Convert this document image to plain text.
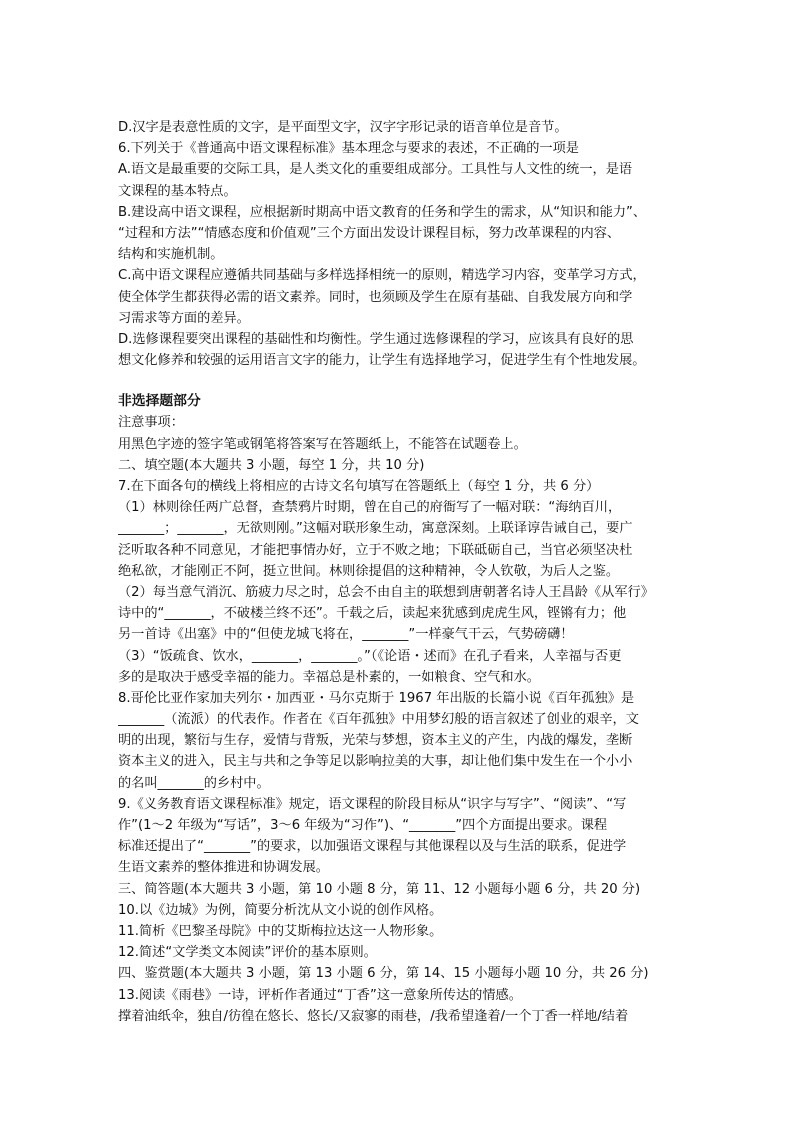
D.汉字是表意性质的文字，是平面型文字，汉字字形记录的语音单位是音节。
6.下列关于《普通高中语文课程标准》基本理念与要求的表述，不正确的一项是
A.语文是最重要的交际工具，是人类文化的重要组成部分。工具性与人文性的统一，是语
文课程的基本特点。
B.建设高中语文课程，应根据新时期高中语文教育的任务和学生的需求，从“知识和能力”、
“过程和方法”“情感态度和价值观”三个方面出发设计课程目标，努力改革课程的内容、
结构和实施机制。
C.高中语文课程应遵循共同基础与多样选择相统一的原则，精选学习内容，变革学习方式，
使全体学生都获得必需的语文素养。同时，也须顾及学生在原有基础、自我发展方向和学
习需求等方面的差异。
D.选修课程要突出课程的基础性和均衡性。学生通过选修课程的学习，应该具有良好的思
想文化修养和较强的运用语言文字的能力，让学生有选择地学习，促进学生有个性地发展。
非选择题部分
注意事项：
用黑色字迹的签字笔或钢笔将答案写在答题纸上，不能答在试题卷上。
二、填空题(本大题共 3 小题，每空 1 分，共 10 分)
7.在下面各句的横线上将相应的古诗文名句填写在答题纸上（每空 1 分，共 6 分）
（1）林则徐任两广总督，查禁鸦片时期，曾在自己的府衙写了一幅对联：“海纳百川，
_______；_______，无欲则刚。”这幅对联形象生动，寓意深刻。上联译谆告诫自己，要广
泛听取各种不同意见，才能把事情办好，立于不败之地；下联砥砺自己，当官必须坚决杜
绝私欲，才能刚正不阿，挺立世间。林则徐提倡的这种精神，令人钦敬，为后人之鉴。
（2）每当意气消沉、筋疲力尽之时，总会不由自主的联想到唐朝著名诗人王昌龄《从军行》
诗中的“_______，不破楼兰终不还”。千载之后，读起来犹感到虎虎生风，铿锵有力；他
另一首诗《出塞》中的“但使龙城飞将在，_______”一样豪气干云，气势磅礴！
（3）“饭疏食、饮水，_______，_______。”（《论语・述而》在孔子看来，人幸福与否更
多的是取决于感受幸福的能力。幸福总是朴素的，一如粮食、空气和水。
8.哥伦比亚作家加夫列尔・加西亚・马尔克斯于 1967 年出版的长篇小说《百年孤独》是
_______（流派）的代表作。作者在《百年孤独》中用梦幻般的语言叙述了创业的艰辛，文
明的出现，繁衍与生存，爱情与背叛，光荣与梦想，资本主义的产生，内战的爆发，垄断
资本主义的进入，民主与共和之争等足以影响拉美的大事，却让他们集中发生在一个小小
的名叫_______的乡村中。
9.《义务教育语文课程标准》规定，语文课程的阶段目标从“识字与写字”、“阅读”、“写
作”(1～2 年级为“写话”，3～6 年级为“习作”)、“_______”四个方面提出要求。课程
标准还提出了“_______”的要求，以加强语文课程与其他课程以及与生活的联系，促进学
生语文素养的整体推进和协调发展。
三、简答题(本大题共 3 小题，第 10 小题 8 分，第 11、12 小题每小题 6 分，共 20 分)
10.以《边城》为例，简要分析沈从文小说的创作风格。
11.简析《巴黎圣母院》中的艾斯梅拉达这一人物形象。
12.简述“文学类文本阅读”评价的基本原则。
四、鉴赏题(本大题共 3 小题，第 13 小题 6 分，第 14、15 小题每小题 10 分，共 26 分)
13.阅读《雨巷》一诗，评析作者通过“丁香”这一意象所传达的情感。
撑着油纸伞，独自/彷徨在悠长、悠长/又寂寥的雨巷，/我希望逢着/一个丁香一样地/结着
